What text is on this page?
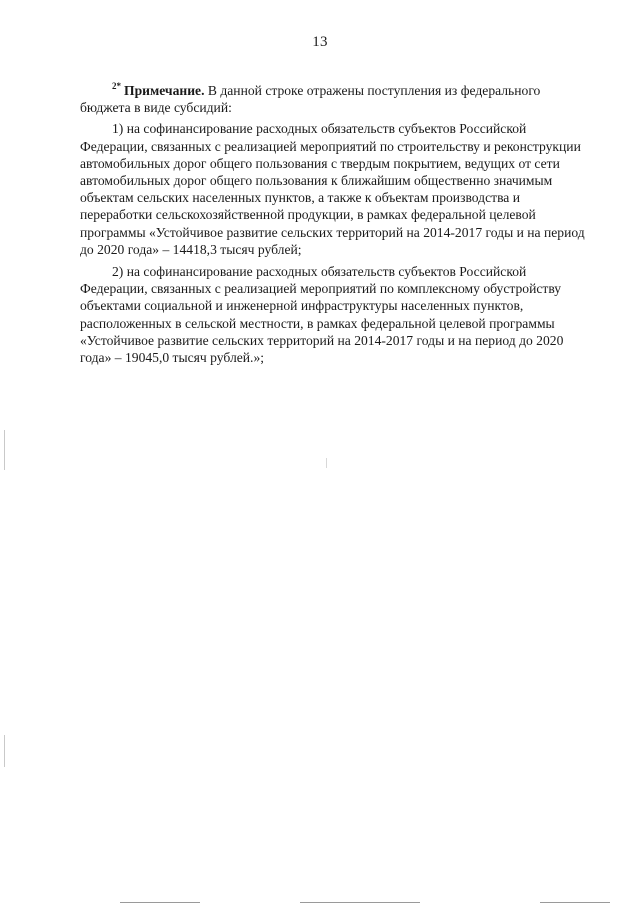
13

$^{2*}$ Примечание. В данной строке отражены поступления из федерального бюджета в виде субсидий:

1) на софинансирование расходных обязательств субъектов Российской Федерации, связанных с реализацией мероприятий по строительству и реконструкции автомобильных дорог общего пользования с твердым покрытием, ведущих от сети автомобильных дорог общего пользования к ближайшим общественно значимым объектам сельских населенных пунктов, а также к объектам производства и переработки сельскохозяйственной продукции, в рамках федеральной целевой программы «Устойчивое развитие сельских территорий на 2014-2017 годы и на период до 2020 года» – 14418,3 тысяч рублей;

2) на софинансирование расходных обязательств субъектов Российской Федерации, связанных с реализацией мероприятий по комплексному обустройству объектами социальной и инженерной инфраструктуры населенных пунктов, расположенных в сельской местности, в рамках федеральной целевой программы «Устойчивое развитие сельских территорий на 2014-2017 годы и на период до 2020 года» – 19045,0 тысяч рублей.»;
